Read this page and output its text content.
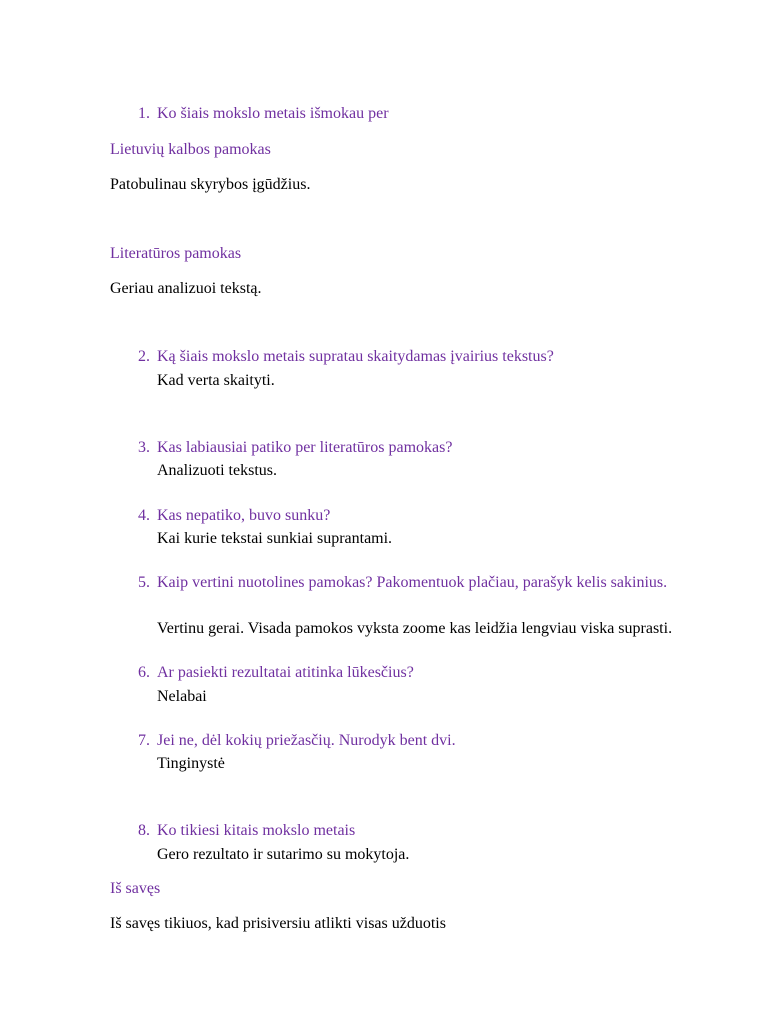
1. Ko šiais mokslo metais išmokau per
Lietuvių kalbos pamokas
Patobulinau skyrybos įgūdžius.
Literatūros pamokas
Geriau analizuoi tekstą.
2. Ką šiais mokslo metais supratau skaitydamas įvairius tekstus?
Kad verta skaityti.
3. Kas labiausiai patiko per literatūros pamokas?
Analizuoti tekstus.
4. Kas nepatiko, buvo sunku?
Kai kurie tekstai sunkiai suprantami.
5. Kaip vertini nuotolines pamokas? Pakomentuok plačiau, parašyk kelis sakinius.
Vertinu gerai. Visada pamokos vyksta zoome kas leidžia lengviau viska suprasti.
6. Ar pasiekti rezultatai atitinka lūkesčius?
Nelabai
7. Jei ne, dėl kokių priežasčių. Nurodyk bent dvi.
Tinginystė
8. Ko tikiesi kitais mokslo metais
Gero rezultato ir sutarimo su mokytoja.
Iš savęs
Iš savęs tikiuos, kad prisiversiu atlikti visas užduotis
